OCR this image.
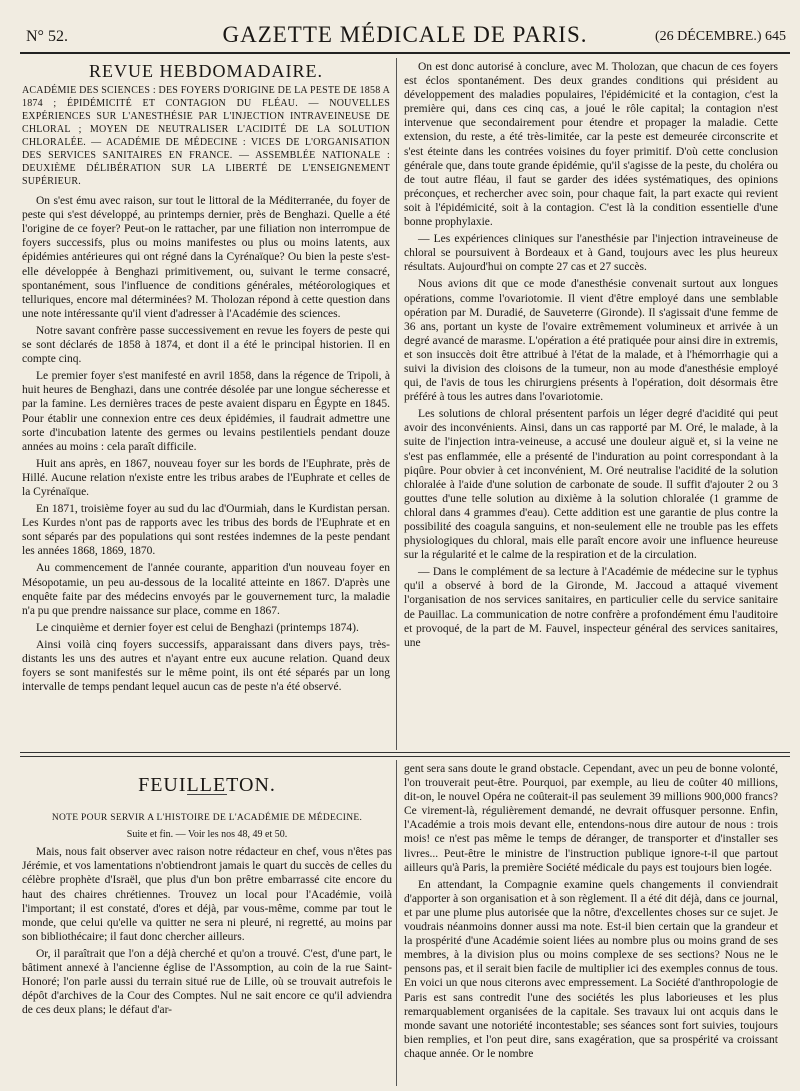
N° 52.	GAZETTE MÉDICALE DE PARIS.	(26 DÉCEMBRE.) 645
REVUE HEBDOMADAIRE.

ACADÉMIE DES SCIENCES : DES FOYERS D'ORIGINE DE LA PESTE DE 1858 A 1874 ; ÉPIDÉMICITÉ ET CONTAGION DU FLÉAU. — NOUVELLES EXPÉRIENCES SUR L'ANESTHÉSIE PAR L'INJECTION INTRAVEINEUSE DE CHLORAL ; MOYEN DE NEUTRALISER L'ACIDITÉ DE LA SOLUTION CHLORALÉE. — ACADÉMIE DE MÉDECINE : VICES DE L'ORGANISATION DES SERVICES SANITAIRES EN FRANCE. — ASSEMBLÉE NATIONALE : DEUXIÈME DÉLIBÉRATION SUR LA LIBERTÉ DE L'ENSEIGNEMENT SUPÉRIEUR.

On s'est ému avec raison, sur tout le littoral de la Méditerranée, du foyer de peste qui s'est développé, au printemps dernier, près de Benghazi. Quelle a été l'origine de ce foyer? Peut-on le rattacher, par une filiation non interrompue de foyers successifs, plus ou moins manifestes ou plus ou moins latents, aux épidémies antérieures qui ont régné dans la Cyrénaïque? Ou bien la peste s'est-elle développée à Benghazi primitivement, ou, suivant le terme consacré, spontanément, sous l'influence de conditions générales, météorologiques et telluriques, encore mal déterminées? M. Tholozan répond à cette question dans une note intéressante qu'il vient d'adresser à l'Académie des sciences.

Notre savant confrère passe successivement en revue les foyers de peste qui se sont déclarés de 1858 à 1874, et dont il a été le principal historien. Il en compte cinq.

Le premier foyer s'est manifesté en avril 1858, dans la régence de Tripoli, à huit heures de Benghazi, dans une contrée désolée par une longue sécheresse et par la famine. Les dernières traces de peste avaient disparu en Égypte en 1845. Pour établir une connexion entre ces deux épidémies, il faudrait admettre une sorte d'incubation latente des germes ou levains pestilentiels pendant douze années au moins : cela paraît difficile.

Huit ans après, en 1867, nouveau foyer sur les bords de l'Euphrate, près de Hillé. Aucune relation n'existe entre les tribus arabes de l'Euphrate et celles de la Cyrénaïque.

En 1871, troisième foyer au sud du lac d'Ourmiah, dans le Kurdistan persan. Les Kurdes n'ont pas de rapports avec les tribus des bords de l'Euphrate et en sont séparés par des populations qui sont restées indemnes de la peste pendant les années 1868, 1869, 1870.

Au commencement de l'année courante, apparition d'un nouveau foyer en Mésopotamie, un peu au-dessous de la localité atteinte en 1867. D'après une enquête faite par des médecins envoyés par le gouvernement turc, la maladie n'a pu que prendre naissance sur place, comme en 1867.

Le cinquième et dernier foyer est celui de Benghazi (printemps 1874).

Ainsi voilà cinq foyers successifs, apparaissant dans divers pays, très-distants les uns des autres et n'ayant entre eux aucune relation. Quand deux foyers se sont manifestés sur le même point, ils ont été séparés par un long intervalle de temps pendant lequel aucun cas de peste n'a été observé.

On est donc autorisé à conclure, avec M. Tholozan, que chacun de ces foyers est éclos spontanément. Des deux grandes conditions qui président au développement des maladies populaires, l'épidémicité et la contagion, c'est la première qui, dans ces cinq cas, a joué le rôle capital; la contagion n'est intervenue que secondairement pour étendre et propager la maladie. Cette extension, du reste, a été très-limitée, car la peste est demeurée circonscrite et s'est éteinte dans les contrées voisines du foyer primitif. D'où cette conclusion générale que, dans toute grande épidémie, qu'il s'agisse de la peste, du choléra ou de tout autre fléau, il faut se garder des idées systématiques, des opinions préconçues, et rechercher avec soin, pour chaque fait, la part exacte qui revient soit à l'épidémicité, soit à la contagion. C'est là la condition essentielle d'une bonne prophylaxie.

— Les expériences cliniques sur l'anesthésie par l'injection intraveineuse de chloral se poursuivent à Bordeaux et à Gand, toujours avec les plus heureux résultats. Aujourd'hui on compte 27 cas et 27 succès.

Nous avions dit que ce mode d'anesthésie convenait surtout aux longues opérations, comme l'ovariotomie. Il vient d'être employé dans une semblable opération par M. Duradié, de Sauveterre (Gironde). Il s'agissait d'une femme de 36 ans, portant un kyste de l'ovaire extrêmement volumineux et arrivée à un degré avancé de marasme. L'opération a été pratiquée pour ainsi dire in extremis, et son insuccès doit être attribué à l'état de la malade, et à l'hémorrhagie qui a suivi la division des cloisons de la tumeur, non au mode d'anesthésie employé qui, de l'avis de tous les chirurgiens présents à l'opération, doit désormais être préféré à tous les autres dans l'ovariotomie.

Les solutions de chloral présentent parfois un léger degré d'acidité qui peut avoir des inconvénients. Ainsi, dans un cas rapporté par M. Oré, le malade, à la suite de l'injection intra-veineuse, a accusé une douleur aiguë et, si la veine ne s'est pas enflammée, elle a présenté de l'induration au point correspondant à la piqûre. Pour obvier à cet inconvénient, M. Oré neutralise l'acidité de la solution chloralée à l'aide d'une solution de carbonate de soude. Il suffit d'ajouter 2 ou 3 gouttes d'une telle solution au dixième à la solution chloralée (1 gramme de chloral dans 4 grammes d'eau). Cette addition est une garantie de plus contre la possibilité des coagula sanguins, et non-seulement elle ne trouble pas les effets physiologiques du chloral, mais elle paraît encore avoir une influence heureuse sur la régularité et le calme de la respiration et de la circulation.

— Dans le complément de sa lecture à l'Académie de médecine sur le typhus qu'il a observé à bord de la Gironde, M. Jaccoud a attaqué vivement l'organisation de nos services sanitaires, en particulier celle du service sanitaire de Pauillac. La communication de notre confrère a profondément ému l'auditoire et provoqué, de la part de M. Fauvel, inspecteur général des services sanitaires, une

FEUILLETON.

NOTE POUR SERVIR A L'HISTOIRE DE L'ACADÉMIE DE MÉDECINE.

Suite et fin. — Voir les nos 48, 49 et 50.

Mais, nous fait observer avec raison notre rédacteur en chef, vous n'êtes pas Jérémie, et vos lamentations n'obtiendront jamais le quart du succès de celles du célèbre prophète d'Israël, que plus d'un bon prêtre embarrassé cite encore du haut des chaires chrétiennes. Trouvez un local pour l'Académie, voilà l'important; il est constaté, d'ores et déjà, par vous-même, comme par tout le monde, que celui qu'elle va quitter ne sera ni pleuré, ni regretté, au moins par son bibliothécaire; il faut donc chercher ailleurs.

Or, il paraîtrait que l'on a déjà cherché et qu'on a trouvé. C'est, d'une part, le bâtiment annexé à l'ancienne église de l'Assomption, au coin de la rue Saint-Honoré; l'on parle aussi du terrain situé rue de Lille, où se trouvait autrefois le dépôt d'archives de la Cour des Comptes. Nul ne sait encore ce qu'il adviendra de ces deux plans; le défaut d'ar-

gent sera sans doute le grand obstacle. Cependant, avec un peu de bonne volonté, l'on trouverait peut-être. Pourquoi, par exemple, au lieu de coûter 40 millions, dit-on, le nouvel Opéra ne coûterait-il pas seulement 39 millions 900,000 francs? Ce virement-là, régulièrement demandé, ne devrait offusquer personne. Enfin, l'Académie a trois mois devant elle, entendons-nous dire autour de nous : trois mois! ce n'est pas même le temps de déranger, de transporter et d'installer ses livres... Peut-être le ministre de l'instruction publique ignore-t-il que partout ailleurs qu'à Paris, la première Société médicale du pays est toujours bien logée.

En attendant, la Compagnie examine quels changements il conviendrait d'apporter à son organisation et à son règlement. Il a été dit déjà, dans ce journal, et par une plume plus autorisée que la nôtre, d'excellentes choses sur ce sujet. Je voudrais néanmoins donner aussi ma note. Est-il bien certain que la grandeur et la prospérité d'une Académie soient liées au nombre plus ou moins grand de ses membres, à la division plus ou moins complexe de ses sections? Nous ne le pensons pas, et il serait bien facile de multiplier ici des exemples connus de tous. En voici un que nous citerons avec empressement. La Société d'anthropologie de Paris est sans contredit l'une des sociétés les plus laborieuses et les plus remarquablement organisées de la capitale. Ses travaux lui ont acquis dans le monde savant une notoriété incontestable; ses séances sont fort suivies, toujours bien remplies, et l'on peut dire, sans exagération, que sa prospérité va croissant chaque année. Or le nombre
